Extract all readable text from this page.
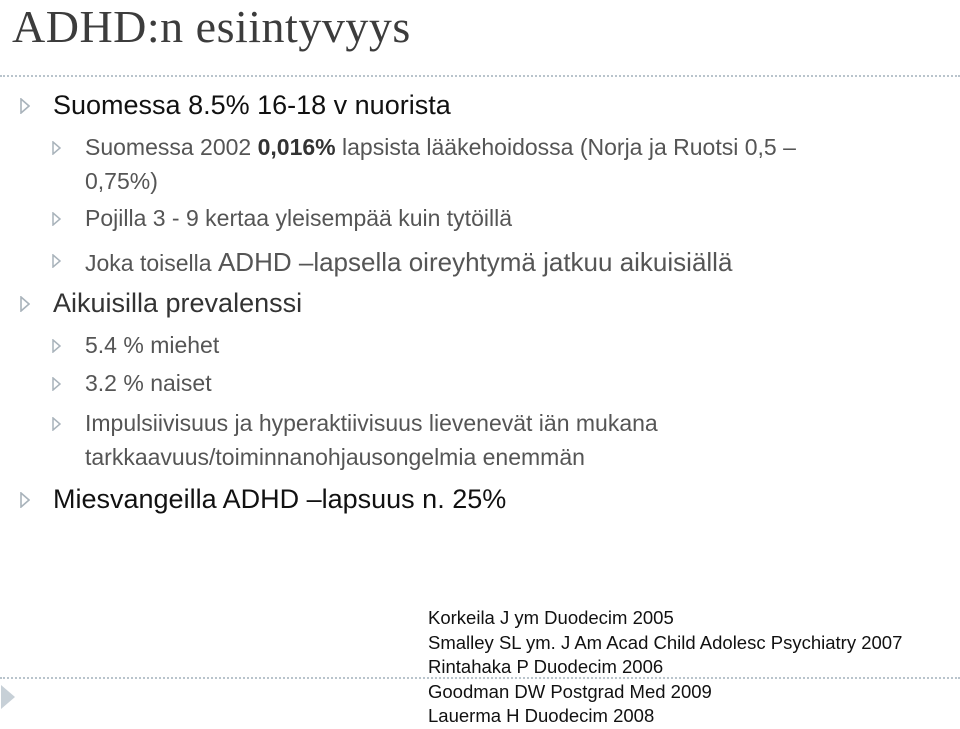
ADHD:n esiintyvyys
Suomessa 8.5% 16-18 v nuorista
Suomessa 2002 0,016% lapsista lääkehoidossa (Norja ja Ruotsi 0,5 –
0,75%)
Pojilla 3 - 9 kertaa yleisempää kuin tytöillä
Joka toisella ADHD –lapsella oireyhtymä jatkuu aikuisiällä
Aikuisilla prevalenssi
5.4 % miehet
3.2 % naiset
Impulsiivisuus ja hyperaktiivisuus lievenevät iän mukana
tarkkaavuus/toiminnanohjausongelmia enemmän
Miesvangeilla ADHD –lapsuus n. 25%
Korkeila J ym Duodecim 2005
Smalley SL ym. J Am Acad Child Adolesc Psychiatry 2007
Rintahaka P Duodecim 2006
Goodman DW Postgrad Med 2009
Lauerma H Duodecim 2008
